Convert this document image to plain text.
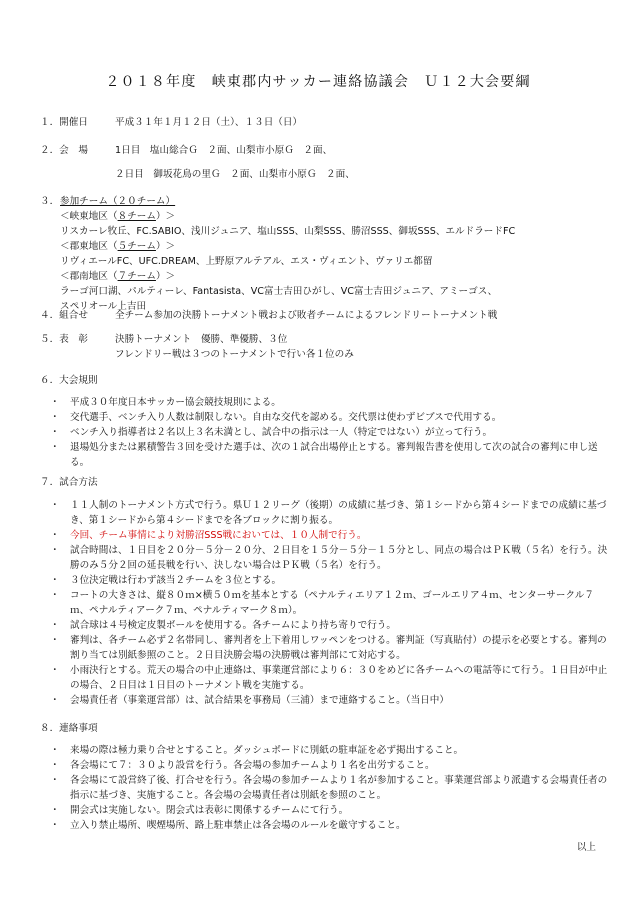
２０１８年度　峡東郡内サッカー連絡協議会　Ｕ１２大会要綱
１．開催日	平成３１年１月１２日（土）、１３日（日）
２．会　場	1日目　塩山総合Ｇ　２面、山梨市小原Ｇ　２面、
２日目　御坂花鳥の里Ｇ　２面、山梨市小原Ｇ　２面、
３． 参加チーム（２０チーム）
＜峡東地区（８チーム）＞
リスカーレ牧丘、FC.SABIO、浅川ジュニア、塩山SSS、山梨SSS、勝沼SSS、御坂SSS、エルドラードFC
＜郡東地区（５チーム）＞
リヴィエールFC、UFC.DREAM、上野原アルテアル、エス・ヴィエント、ヴァリエ都留
＜郡南地区（７チーム）＞
ラーゴ河口湖、パルティーレ、Fantasista、VC富士吉田ひがし、VC富士吉田ジュニア、アミーゴス、
スペリオール上吉田
４．組合せ	全チーム参加の決勝トーナメント戦および敗者チームによるフレンドリートーナメント戦
５．表　彰	決勝トーナメント　優勝、準優勝、３位
フレンドリー戦は３つのトーナメントで行い各１位のみ
６．大会規則
・ 平成３０年度日本サッカー協会競技規則による。
・ 交代選手、ベンチ入り人数は制限しない。自由な交代を認める。交代票は使わずビブスで代用する。
・ ベンチ入り指導者は２名以上３名未満とし、試合中の指示は一人（特定ではない）が立って行う。
・ 退場処分または累積警告３回を受けた選手は、次の１試合出場停止とする。審判報告書を使用して次の試合の審判に申し送る。
７．試合方法
・ １１人制のトーナメント方式で行う。県Ｕ１２リーグ（後期）の成績に基づき、第１シードから第４シードまでの成績に基づき、第１シードから第４シードまでを各ブロックに割り振る。
・ 今回、チーム事情により対勝沼SSS戦においては、１０人制で行う。
・ 試合時間は、１日目を２０分－５分－２０分、２日目を１５分－５分－１５分とし、同点の場合はＰＫ戦（５名）を行う。決勝のみ５分２回の延長戦を行い、決しない場合はＰＫ戦（５名）を行う。
・ ３位決定戦は行わず該当２チームを３位とする。
・ コートの大きさは、縦８０ｍ×横５０ｍを基本とする（ペナルティエリア１２ｍ、ゴールエリア４ｍ、センターサークル７ｍ、ペナルティアーク７ｍ、ペナルティマーク８ｍ）。
・ 試合球は４号検定皮製ボールを使用する。各チームにより持ち寄りで行う。
・ 審判は、各チーム必ず２名帯同し、審判者を上下着用しワッペンをつける。審判証（写真貼付）の提示を必要とする。審判の割り当ては別紙参照のこと。２日目決勝会場の決勝戦は審判部にて対応する。
・ 小雨決行とする。荒天の場合の中止連絡は、事業運営部により６：３０をめどに各チームへの電話等にて行う。１日目が中止の場合、２日目は１日目のトーナメント戦を実施する。
・ 会場責任者（事業運営部）は、試合結果を事務局（三浦）まで連絡すること。（当日中）
８．連絡事項
・ 来場の際は極力乗り合せとすること。ダッシュボードに別紙の駐車証を必ず掲出すること。
・ 各会場にて７：３０より設営を行う。各会場の参加チームより１名を出労すること。
・ 各会場にて設営終了後、打合せを行う。各会場の参加チームより１名が参加すること。事業運営部より派遣する会場責任者の指示に基づき、実施すること。各会場の会場責任者は別紙を参照のこと。
・ 開会式は実施しない。閉会式は表彰に関係するチームにて行う。
・ 立入り禁止場所、喫煙場所、路上駐車禁止は各会場のルールを厳守すること。
以上
